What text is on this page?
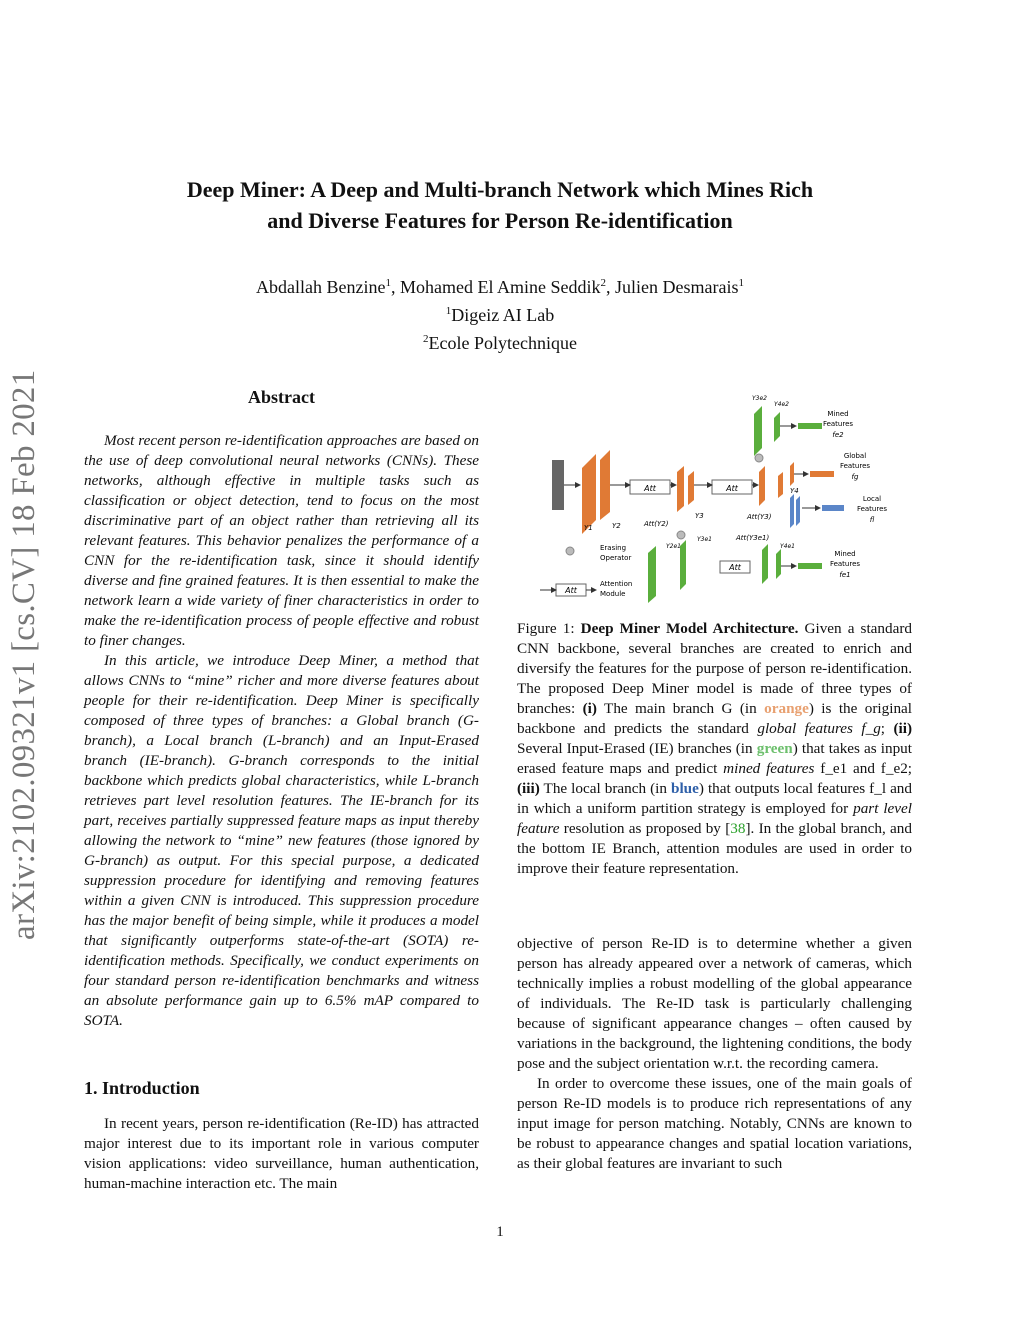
arXiv:2102.09321v1 [cs.CV] 18 Feb 2021
Deep Miner: A Deep and Multi-branch Network which Mines Rich
and Diverse Features for Person Re-identification
Abdallah Benzine$^1$, Mohamed El Amine Seddik$^2$, Julien Desmarais$^1$
$^1$Digeiz AI Lab
$^2$Ecole Polytechnique
Abstract

Most recent person re-identification approaches are based on the use of deep convolutional neural networks (CNNs). These networks, although effective in multiple tasks such as classification or object detection, tend to focus on the most discriminative part of an object rather than retrieving all its relevant features. This behavior penalizes the performance of a CNN for the re-identification task, since it should identify diverse and fine grained features. It is then essential to make the network learn a wide variety of finer characteristics in order to make the re-identification process of people effective and robust to finer changes.

In this article, we introduce Deep Miner, a method that allows CNNs to “mine” richer and more diverse features about people for their re-identification. Deep Miner is specifically composed of three types of branches: a Global branch (G-branch), a Local branch (L-branch) and an Input-Erased branch (IE-branch). G-branch corresponds to the initial backbone which predicts global characteristics, while L-branch retrieves part level resolution features. The IE-branch for its part, receives partially suppressed feature maps as input thereby allowing the network to “mine” new features (those ignored by G-branch) as output. For this special purpose, a dedicated suppression procedure for identifying and removing features within a given CNN is introduced. This suppression procedure has the major benefit of being simple, while it produces a model that significantly outperforms state-of-the-art (SOTA) re-identification methods. Specifically, we conduct experiments on four standard person re-identification benchmarks and witness an absolute performance gain up to 6.5% mAP compared to SOTA.

1. Introduction

In recent years, person re-identification (Re-ID) has attracted major interest due to its important role in various computer vision applications: video surveillance, human authentication, human-machine interaction etc. The main

Att	Att
Att
Y1	Y2	Att(Y2)
Y3	Att(Y3)
Att(Y3e1)
Y2e1
Y3e1
Y4e1
Y3e2
Y4e2
Y4
Mined
Features
fe2
Global
Features
fg
Local
Features
fl
Mined
Features
fe1
Erasing
Operator
Att
Attention
Module

Figure 1: Deep Miner Model Architecture. Given a standard CNN backbone, several branches are created to enrich and diversify the features for the purpose of person re-identification. The proposed Deep Miner model is made of three types of branches: (i) The main branch G (in orange) is the original backbone and predicts the standard global features f_g; (ii) Several Input-Erased (IE) branches (in green) that takes as input erased feature maps and predict mined features f_e1 and f_e2; (iii) The local branch (in blue) that outputs local features f_l and in which a uniform partition strategy is employed for part level feature resolution as proposed by [38]. In the global branch, and the bottom IE Branch, attention modules are used in order to improve their feature representation.

objective of person Re-ID is to determine whether a given person has already appeared over a network of cameras, which technically implies a robust modelling of the global appearance of individuals. The Re-ID task is particularly challenging because of significant appearance changes – often caused by variations in the background, the lightening conditions, the body pose and the subject orientation w.r.t. the recording camera.

In order to overcome these issues, one of the main goals of person Re-ID models is to produce rich representations of any input image for person matching. Notably, CNNs are known to be robust to appearance changes and spatial location variations, as their global features are invariant to such

1
